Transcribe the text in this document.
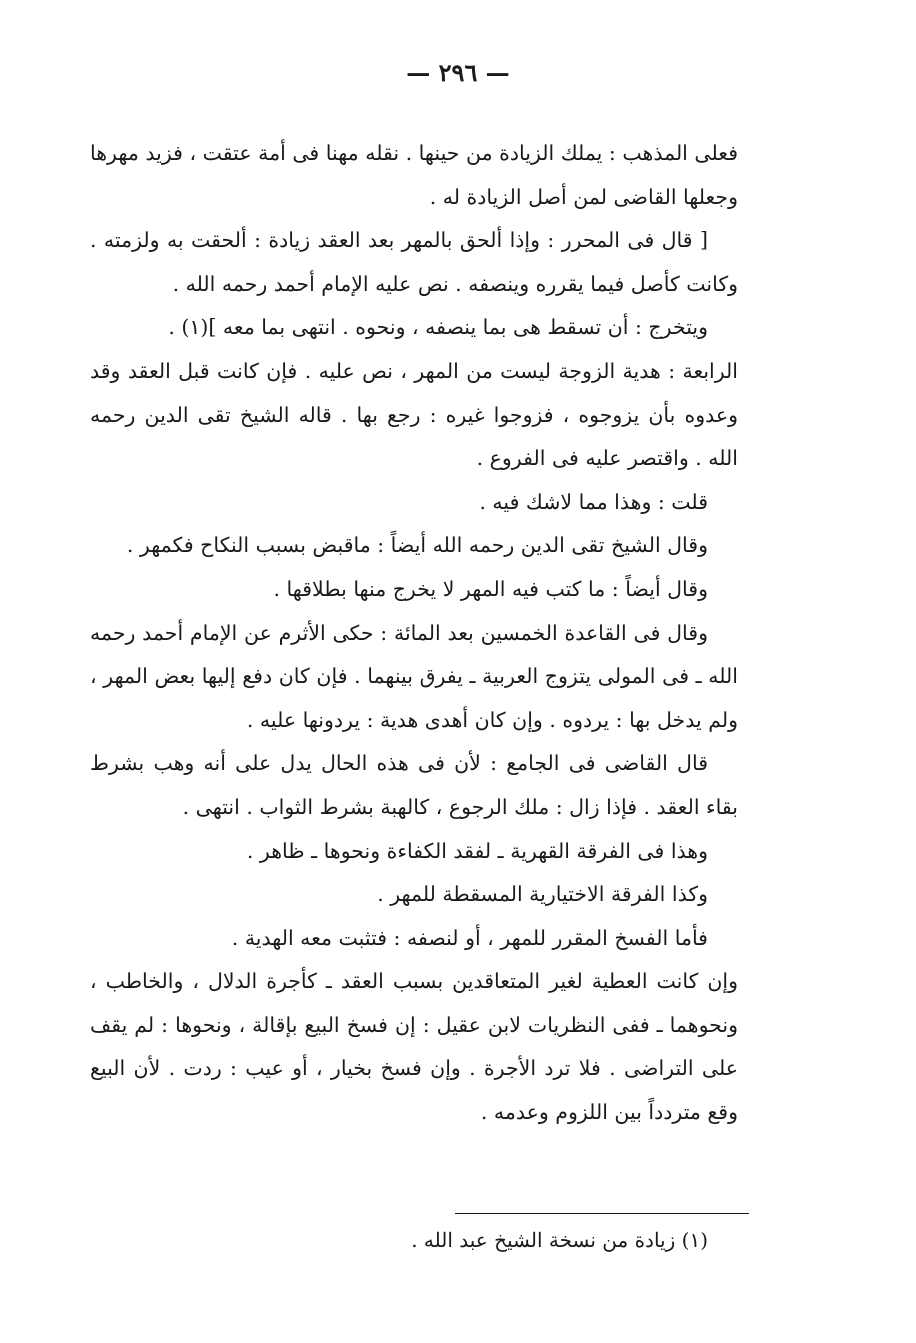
— ٢٩٦ —

فعلى المذهب : يملك الزيادة من حينها . نقله مهنا فى أمة عتقت ، فزيد مهرها وجعلها القاضى لمن أصل الزيادة له .

[ قال فى المحرر : وإذا ألحق بالمهر بعد العقد زيادة : ألحقت به ولزمته . وكانت كأصل فيما يقرره وينصفه . نص عليه الإمام أحمد رحمه الله .

ويتخرج : أن تسقط هى بما ينصفه ، ونحوه . انتهى بما معه ](١) .

الرابعة : هدية الزوجة ليست من المهر ، نص عليه . فإن كانت قبل العقد وقد وعدوه بأن يزوجوه ، فزوجوا غيره : رجع بها . قاله الشيخ تقى الدين رحمه الله . واقتصر عليه فى الفروع .

قلت : وهذا مما لاشك فيه .

وقال الشيخ تقى الدين رحمه الله أيضاً : ماقبض بسبب النكاح فكمهر .

وقال أيضاً : ما كتب فيه المهر لا يخرج منها بطلاقها .

وقال فى القاعدة الخمسين بعد المائة : حكى الأثرم عن الإمام أحمد رحمه الله ـ فى المولى يتزوج العربية ـ يفرق بينهما . فإن كان دفع إليها بعض المهر ، ولم يدخل بها : يردوه . وإن كان أهدى هدية : يردونها عليه .

قال القاضى فى الجامع : لأن فى هذه الحال يدل على أنه وهب بشرط بقاء العقد . فإذا زال : ملك الرجوع ، كالهبة بشرط الثواب . انتهى .

وهذا فى الفرقة القهرية ـ لفقد الكفاءة ونحوها ـ ظاهر .

وكذا الفرقة الاختيارية المسقطة للمهر .

فأما الفسخ المقرر للمهر ، أو لنصفه : فتثبت معه الهدية .

وإن كانت العطية لغير المتعاقدين بسبب العقد ـ كأجرة الدلال ، والخاطب ، ونحوهما ـ ففى النظريات لابن عقيل : إن فسخ البيع بإقالة ، ونحوها : لم يقف على التراضى . فلا ترد الأجرة . وإن فسخ بخيار ، أو عيب : ردت . لأن البيع وقع متردداً بين اللزوم وعدمه .

(١) زيادة من نسخة الشيخ عبد الله .
